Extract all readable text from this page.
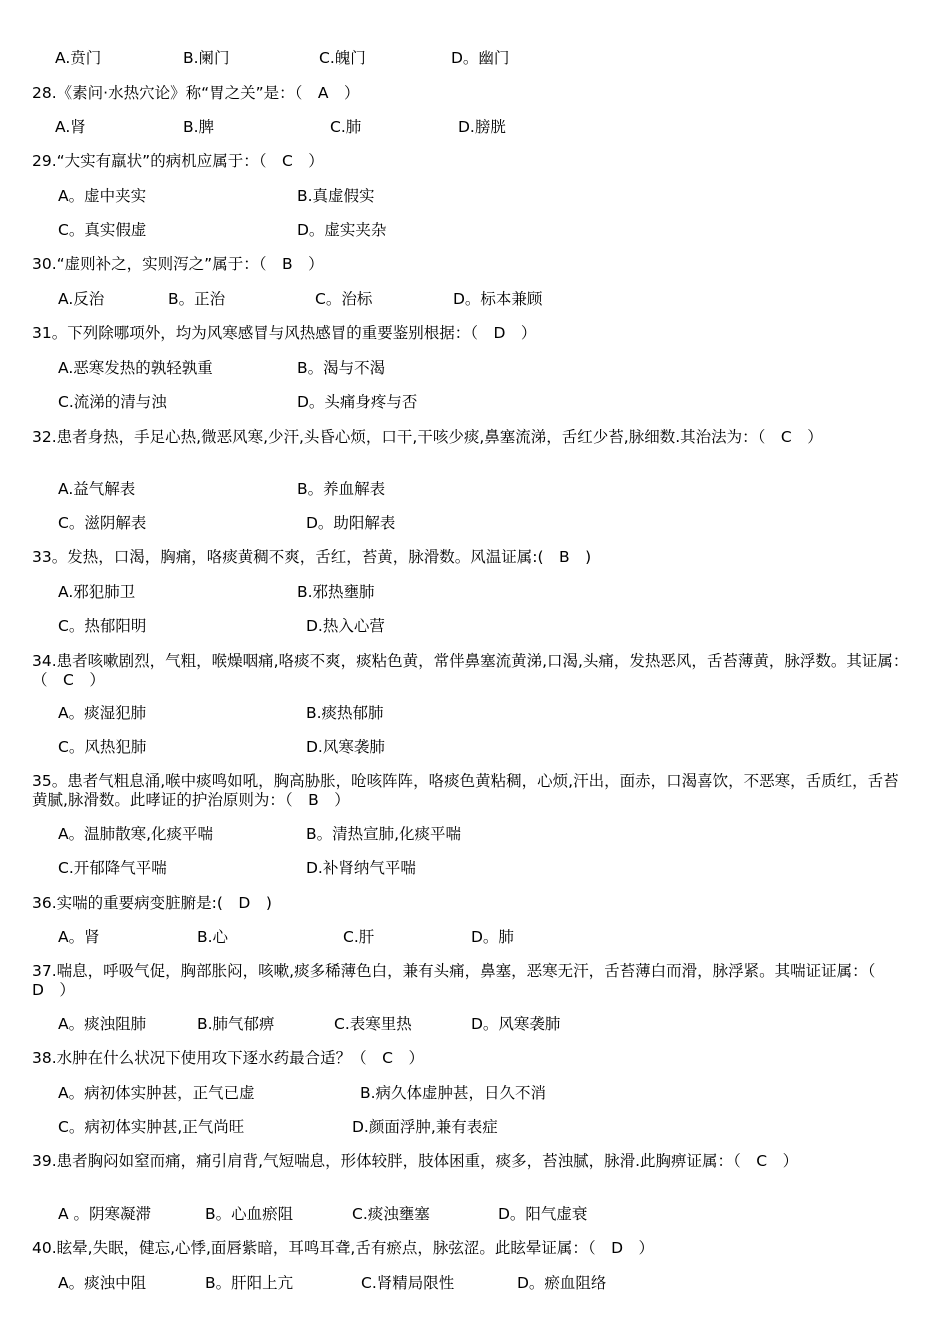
A.贲门	B.阑门	C.魄门	D。幽门
28.《素问·水热穴论》称“胃之关”是：（　A　）
A.肾	B.脾	C.肺	D.膀胱
29.“大实有羸状”的病机应属于：（　C　）
A。虚中夹实	B.真虚假实
C。真实假虚	D。虚实夹杂
30.“虚则补之，实则泻之”属于：（　B　）
A.反治	B。正治	C。治标	D。标本兼顾
31。下列除哪项外，均为风寒感冒与风热感冒的重要鉴别根据：（　D　）
A.恶寒发热的孰轻孰重	B。渴与不渴
C.流涕的清与浊	D。头痛身疼与否
32.患者身热，手足心热,微恶风寒,少汗,头昏心烦，口干,干咳少痰,鼻塞流涕，舌红少苔,脉细数.其治法为：（　C　）
A.益气解表	B。养血解表
C。滋阴解表	D。助阳解表
33。发热，口渴，胸痛，咯痰黄稠不爽，舌红，苔黄，脉滑数。风温证属:(　B　)
A.邪犯肺卫	B.邪热壅肺
C。热郁阳明	D.热入心营
34.患者咳嗽剧烈，气粗，喉燥咽痛,咯痰不爽，痰粘色黄，常伴鼻塞流黄涕,口渴,头痛，发热恶风，舌苔薄黄，脉浮数。其证属：（　C　）
A。痰湿犯肺	B.痰热郁肺
C。风热犯肺	D.风寒袭肺
35。患者气粗息涌,喉中痰鸣如吼，胸高胁胀，呛咳阵阵，咯痰色黄粘稠，心烦,汗出，面赤，口渴喜饮，不恶寒，舌质红，舌苔黄腻,脉滑数。此哮证的护治原则为：（　B　）
A。温肺散寒,化痰平喘	B。清热宣肺,化痰平喘
C.开郁降气平喘	D.补肾纳气平喘
36.实喘的重要病变脏腑是:(　D　)
A。肾	B.心	C.肝	D。肺
37.喘息，呼吸气促，胸部胀闷，咳嗽,痰多稀薄色白，兼有头痛，鼻塞，恶寒无汗，舌苔薄白而滑，脉浮紧。其喘证证属：（　D　）
A。痰浊阻肺	B.肺气郁痹	C.表寒里热	D。风寒袭肺
38.水肿在什么状况下使用攻下逐水药最合适？（　C　）
A。病初体实肿甚，正气已虚	B.病久体虚肿甚，日久不消
C。病初体实肿甚,正气尚旺	D.颜面浮肿,兼有表症
39.患者胸闷如窒而痛，痛引肩背,气短喘息，形体较胖，肢体困重，痰多，苔浊腻，脉滑.此胸痹证属：（　C　）
A 。阴寒凝滞	B。心血瘀阻	C.痰浊壅塞	D。阳气虚衰
40.眩晕,失眠，健忘,心悸,面唇紫暗，耳鸣耳聋,舌有瘀点，脉弦涩。此眩晕证属：（　D　）
A。痰浊中阻	B。肝阳上亢	C.肾精局限性	D。瘀血阻络
